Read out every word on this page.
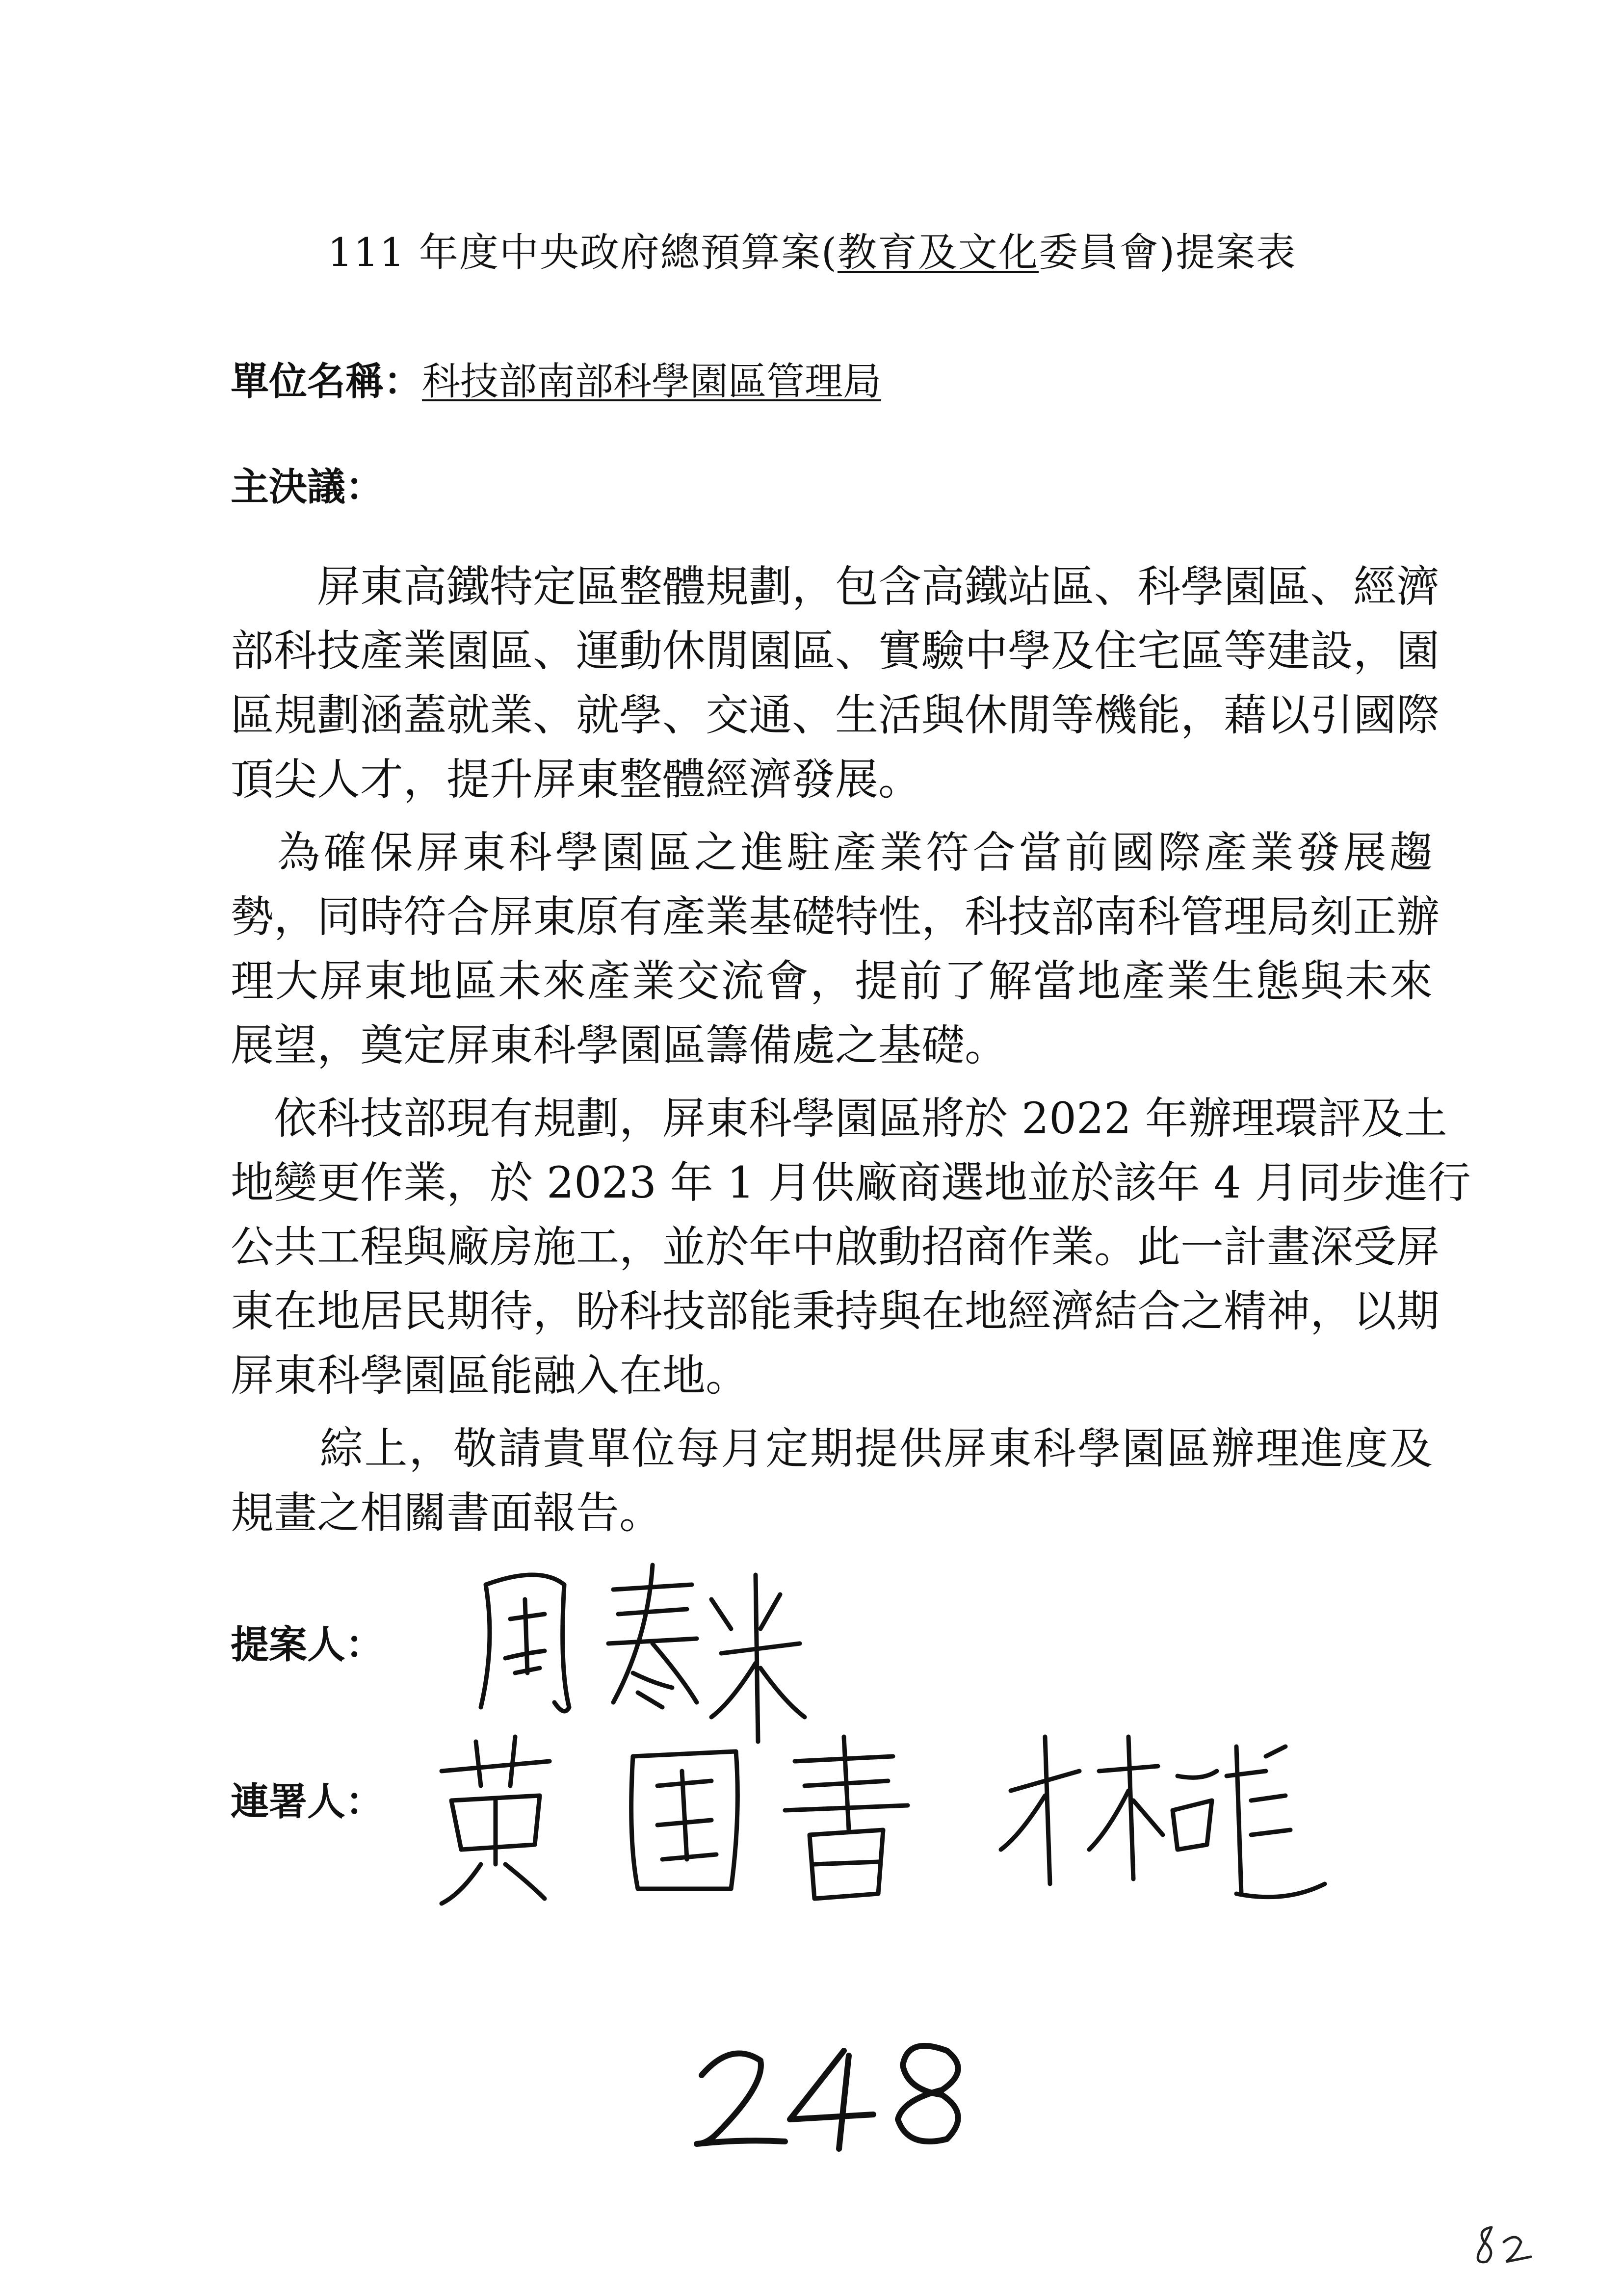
111 年度中央政府總預算案(教育及文化委員會)提案表
單位名稱：科技部南部科學園區管理局
主決議：
　　屏東高鐵特定區整體規劃，包含高鐵站區、科學園區、經濟
部科技產業園區、運動休閒園區、實驗中學及住宅區等建設，園
區規劃涵蓋就業、就學、交通、生活與休閒等機能，藉以引國際
頂尖人才，提升屏東整體經濟發展。
　為確保屏東科學園區之進駐產業符合當前國際產業發展趨
勢，同時符合屏東原有產業基礎特性，科技部南科管理局刻正辦
理大屏東地區未來產業交流會，提前了解當地產業生態與未來
展望，奠定屏東科學園區籌備處之基礎。
　依科技部現有規劃，屏東科學園區將於 2022 年辦理環評及土
地變更作業，於 2023 年 1 月供廠商選地並於該年 4 月同步進行
公共工程與廠房施工，並於年中啟動招商作業。此一計畫深受屏
東在地居民期待，盼科技部能秉持與在地經濟結合之精神，以期
屏東科學園區能融入在地。
　　綜上，敬請貴單位每月定期提供屏東科學園區辦理進度及
規畫之相關書面報告。
提案人：
連署人：
